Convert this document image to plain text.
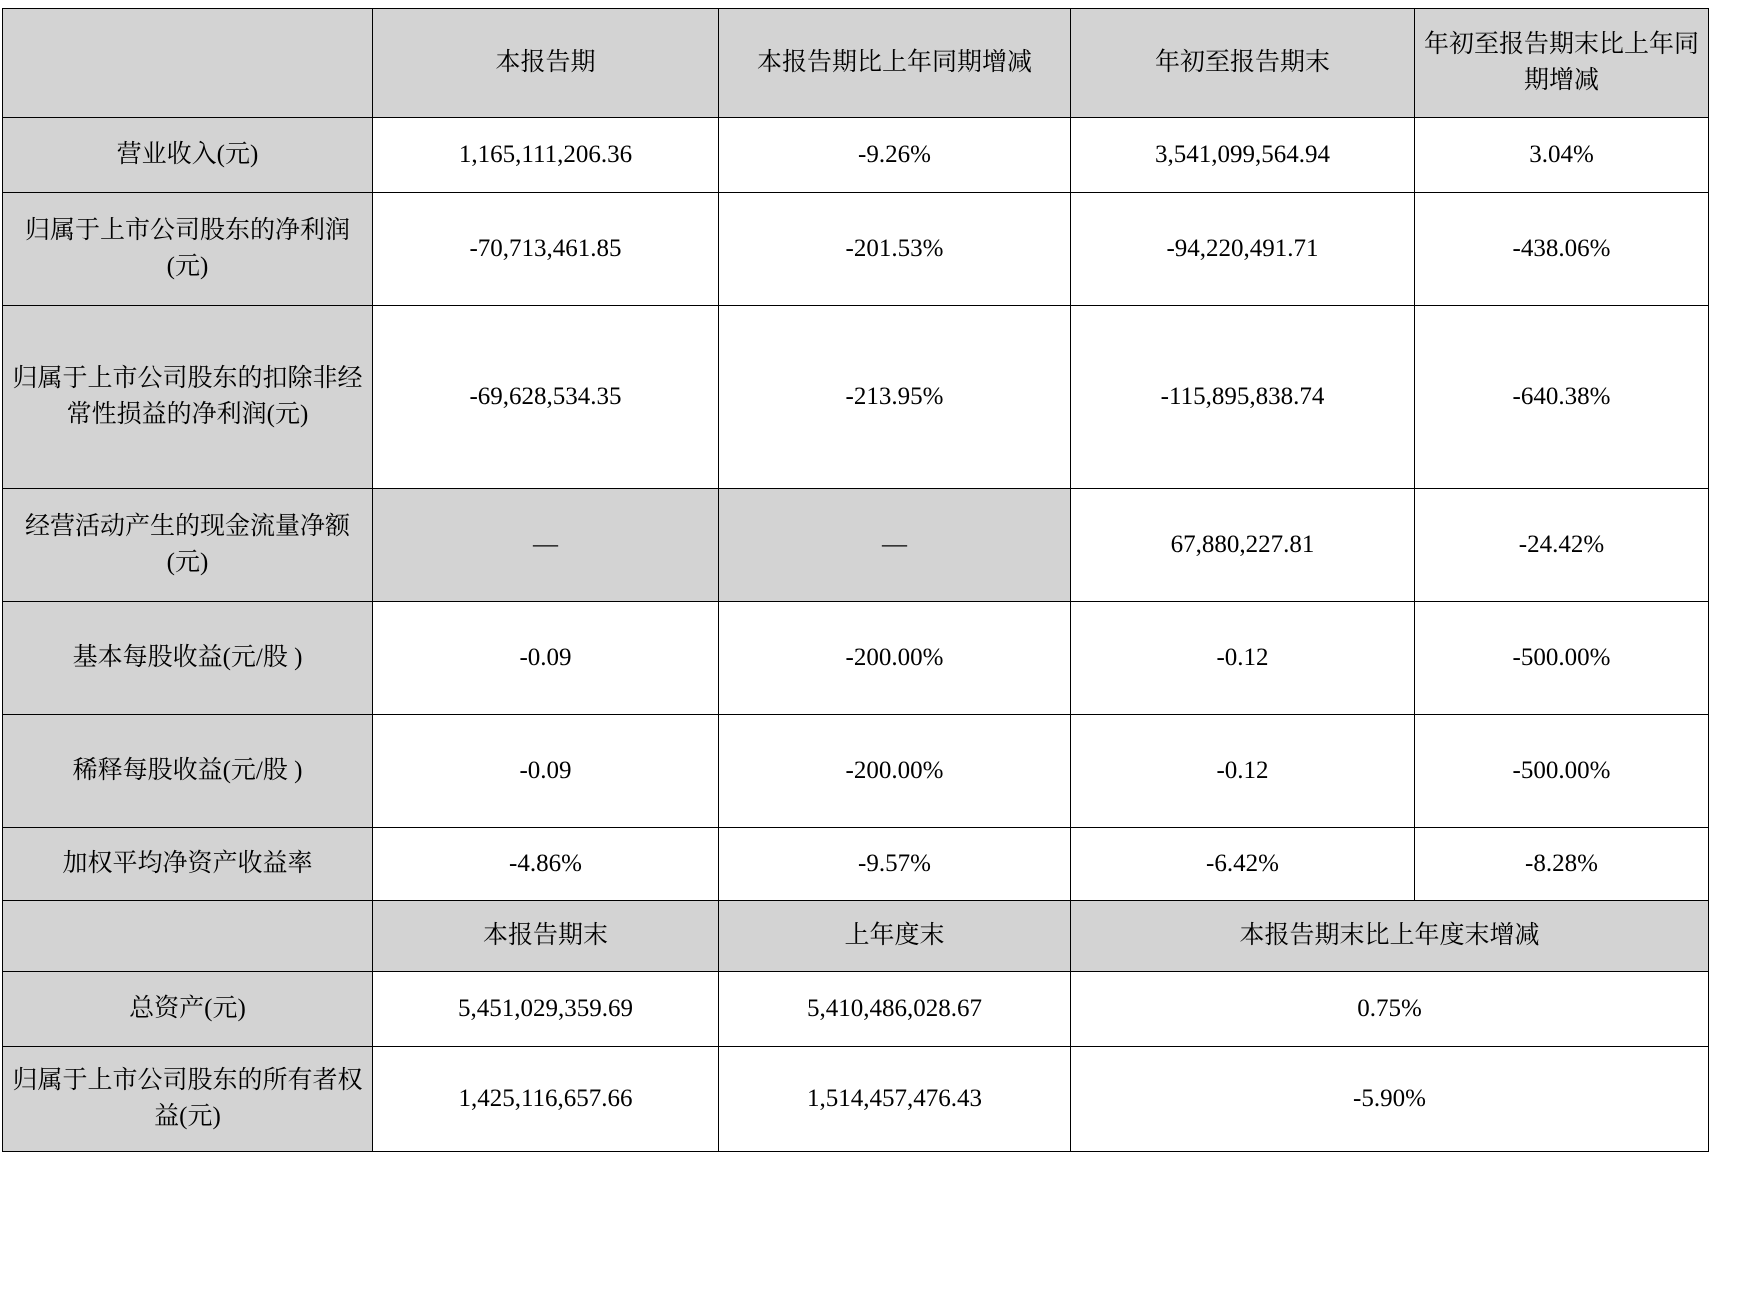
	本报告期	本报告期比上年同期增减	年初至报告期末	年初至报告期末比上年同期增减
营业收入(元)	1,165,111,206.36	-9.26%	3,541,099,564.94	3.04%
归属于上市公司股东的净利润(元)	-70,713,461.85	-201.53%	-94,220,491.71	-438.06%
归属于上市公司股东的扣除非经常性损益的净利润(元)	-69,628,534.35	-213.95%	-115,895,838.74	-640.38%
经营活动产生的现金流量净额(元)	—	—	67,880,227.81	-24.42%
基本每股收益(元/股 )	-0.09	-200.00%	-0.12	-500.00%
稀释每股收益(元/股 )	-0.09	-200.00%	-0.12	-500.00%
加权平均净资产收益率	-4.86%	-9.57%	-6.42%	-8.28%
	本报告期末	上年度末	本报告期末比上年度末增减	
总资产(元)	5,451,029,359.69	5,410,486,028.67	0.75%	
归属于上市公司股东的所有者权益(元)	1,425,116,657.66	1,514,457,476.43	-5.90%	
